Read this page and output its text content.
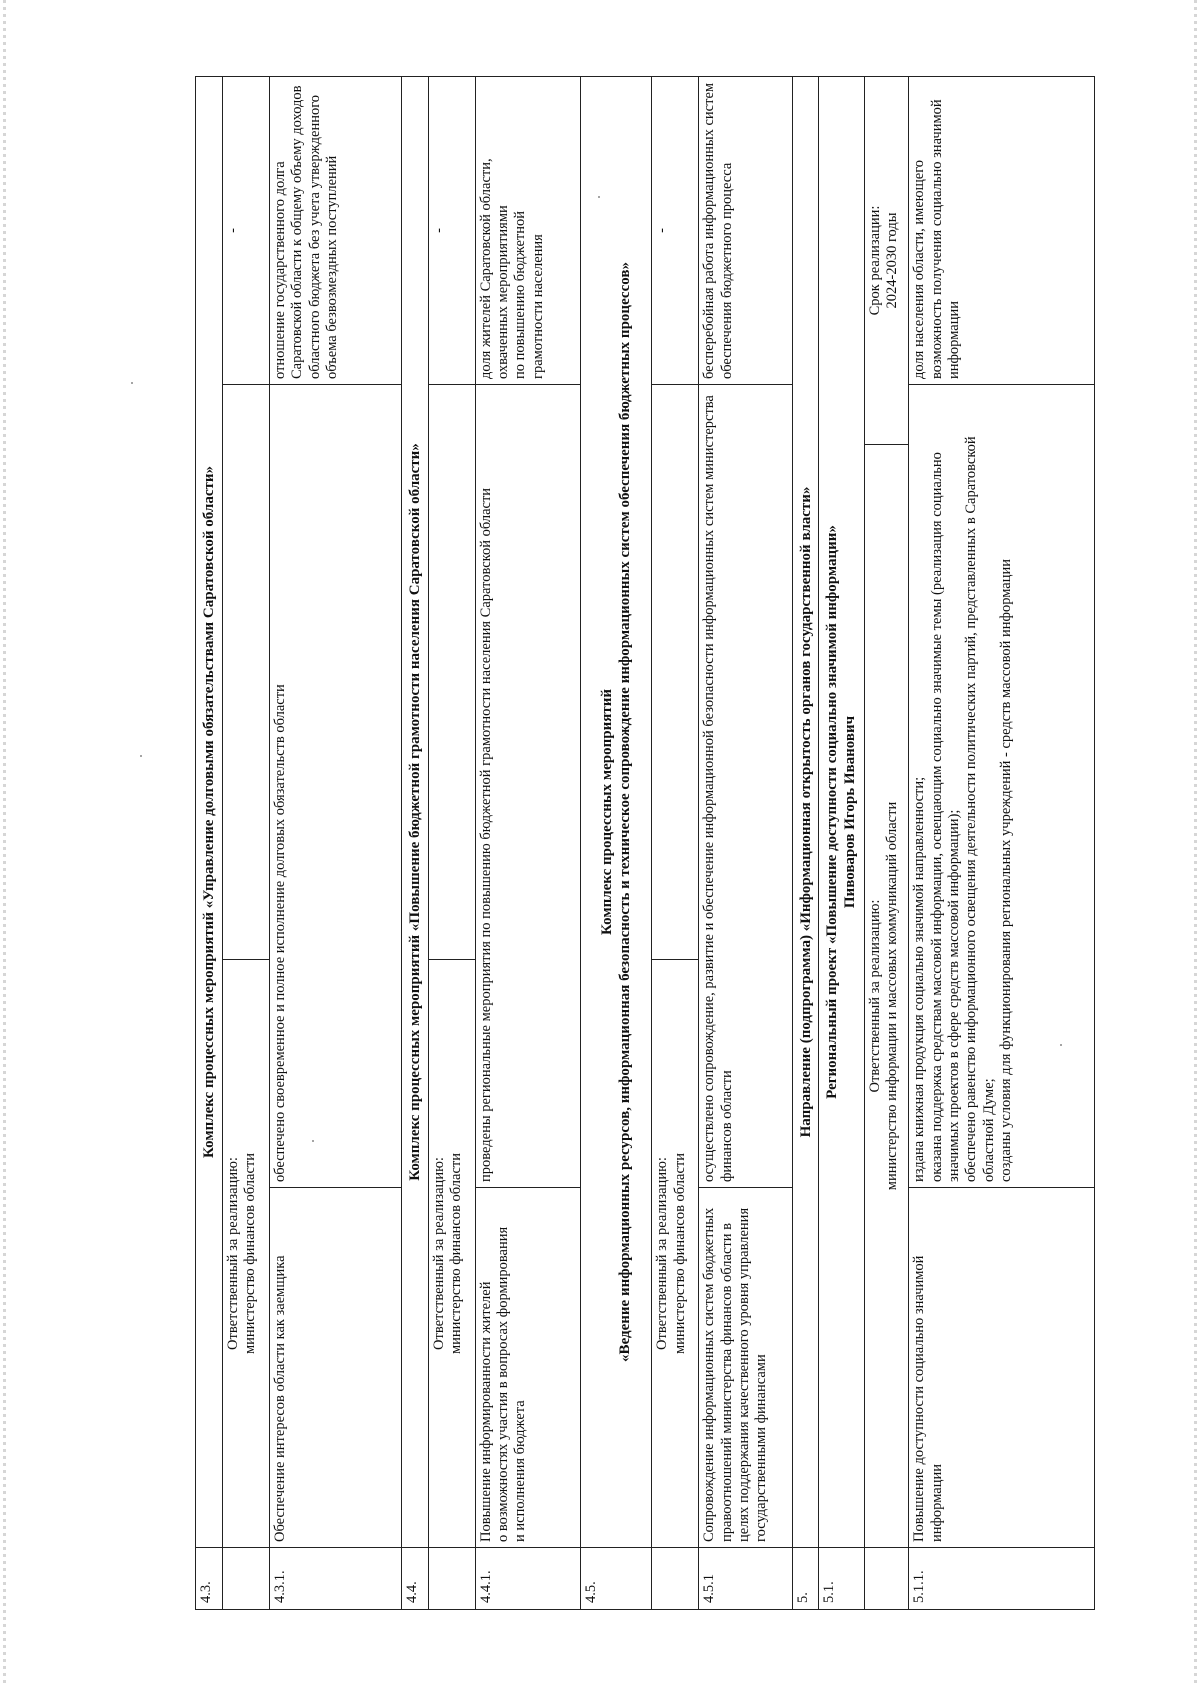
4.3.	Комплекс процессных мероприятий «Управление долговыми обязательствами Саратовской области»				

	Ответственный за реализацию: министерство финансов области				-
4.3.1.	Обеспечение интересов области как заемщика	обеспечено своевременное и полное исполнение долговых обязательств области			отношение государственного долга Саратовской области к общему объему доходов областного бюджета без учета утвержденного объема безвозмездных поступлений
4.4.	Комплекс процессных мероприятий «Повышение бюджетной грамотности населения Саратовской области»				

	Ответственный за реализацию: министерство финансов области				-
4.4.1.	Повышение информированности жителей о возможностях участия в вопросах формирования и исполнения бюджета	проведены региональные мероприятия по повышению бюджетной грамотности населения Саратовской области			доля жителей Саратовской области, охваченных мероприятиями по повышению бюджетной грамотности населения

4.5.	Комплекс процессных мероприятий «Ведение информационных ресурсов, информационная безопасность и техническое сопровождение информационных систем обеспечения бюджетных процессов»				

	Ответственный за реализацию: министерство финансов области				-
4.5.1	Сопровождение информационных систем бюджетных правоотношений министерства финансов области в целях поддержания качественного уровня управления государственными финансами	осуществлено сопровождение, развитие и обеспечение информационной безопасности информационных систем министерства финансов области			бесперебойная работа информационных систем обеспечения бюджетного процесса
5.	Направление (подпрограмма) «Информационная открытость органов государственной власти»				
5.1.	Региональный проект «Повышение доступности социально значимой информации» Пивоваров Игорь Иванович				

	Ответственный за реализацию: министерство информации и массовых коммуникаций области			Срок реализации: 2024-2030 годы	

5.1.1.	Повышение доступности социально значимой информации	издана книжная продукция социально значимой направленности; оказана поддержка средствам массовой информации, освещающим социально значимые темы (реализация социально значимых проектов в сфере средств массовой информации); обеспечено равенство информационного освещения деятельности политических партий, представленных в Саратовской областной Думе; созданы условия для функционирования региональных учреждений - средств массовой информации			доля населения области, имеющего возможность получения социально значимой информации
